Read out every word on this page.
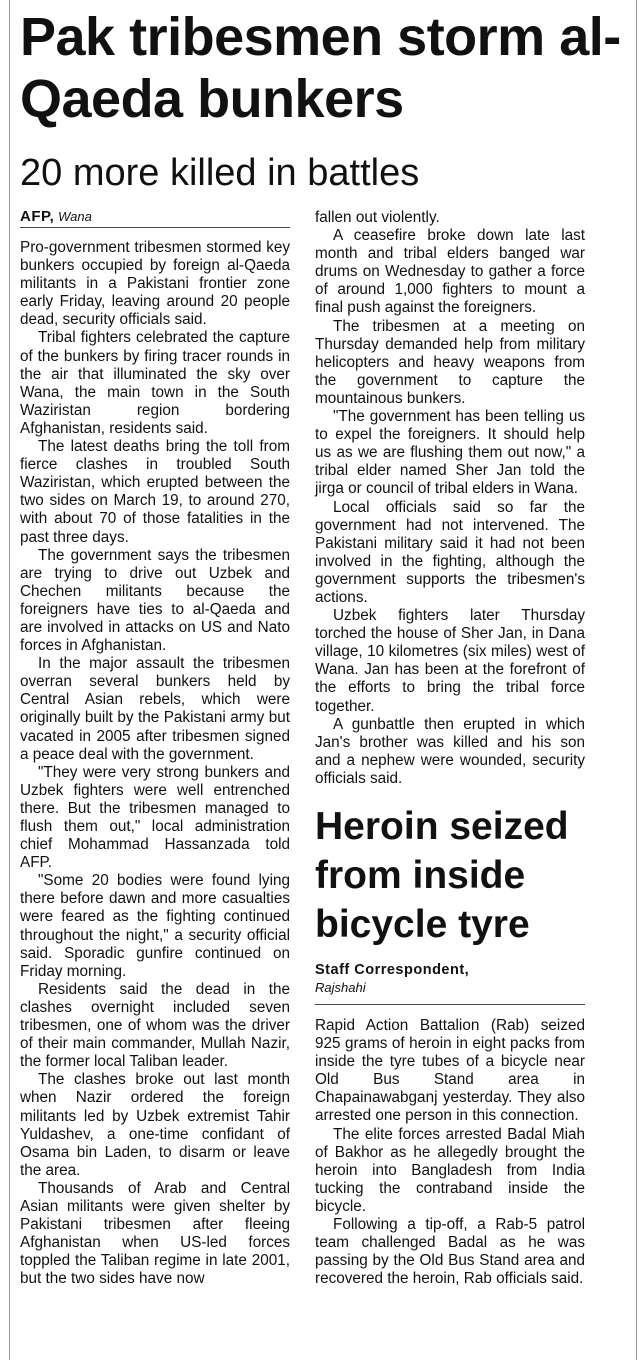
Pak tribesmen storm al-Qaeda bunkers
20 more killed in battles
AFP, Wana

Pro-government tribesmen stormed key bunkers occupied by foreign al-Qaeda militants in a Pakistani frontier zone early Friday, leaving around 20 people dead, security officials said.

Tribal fighters celebrated the capture of the bunkers by firing tracer rounds in the air that illuminated the sky over Wana, the main town in the South Waziristan region bordering Afghanistan, residents said.

The latest deaths bring the toll from fierce clashes in troubled South Waziristan, which erupted between the two sides on March 19, to around 270, with about 70 of those fatalities in the past three days.

The government says the tribesmen are trying to drive out Uzbek and Chechen militants because the foreigners have ties to al-Qaeda and are involved in attacks on US and Nato forces in Afghanistan.

In the major assault the tribesmen overran several bunkers held by Central Asian rebels, which were originally built by the Pakistani army but vacated in 2005 after tribesmen signed a peace deal with the government.

"They were very strong bunkers and Uzbek fighters were well entrenched there. But the tribesmen managed to flush them out," local administration chief Mohammad Hassanzada told AFP.

"Some 20 bodies were found lying there before dawn and more casualties were feared as the fighting continued throughout the night," a security official said. Sporadic gunfire continued on Friday morning.

Residents said the dead in the clashes overnight included seven tribesmen, one of whom was the driver of their main commander, Mullah Nazir, the former local Taliban leader.

The clashes broke out last month when Nazir ordered the foreign militants led by Uzbek extremist Tahir Yuldashev, a one-time confidant of Osama bin Laden, to disarm or leave the area.

Thousands of Arab and Central Asian militants were given shelter by Pakistani tribesmen after fleeing Afghanistan when US-led forces toppled the Taliban regime in late 2001, but the two sides have now

fallen out violently.

A ceasefire broke down late last month and tribal elders banged war drums on Wednesday to gather a force of around 1,000 fighters to mount a final push against the foreigners.

The tribesmen at a meeting on Thursday demanded help from military helicopters and heavy weapons from the government to capture the mountainous bunkers.

"The government has been telling us to expel the foreigners. It should help us as we are flushing them out now," a tribal elder named Sher Jan told the jirga or council of tribal elders in Wana.

Local officials said so far the government had not intervened. The Pakistani military said it had not been involved in the fighting, although the government supports the tribesmen's actions.

Uzbek fighters later Thursday torched the house of Sher Jan, in Dana village, 10 kilometres (six miles) west of Wana. Jan has been at the forefront of the efforts to bring the tribal force together.

A gunbattle then erupted in which Jan's brother was killed and his son and a nephew were wounded, security officials said.

Heroin seized from inside bicycle tyre
Staff Correspondent,
Rajshahi

Rapid Action Battalion (Rab) seized 925 grams of heroin in eight packs from inside the tyre tubes of a bicycle near Old Bus Stand area in Chapainawabganj yesterday. They also arrested one person in this connection.

The elite forces arrested Badal Miah of Bakhor as he allegedly brought the heroin into Bangladesh from India tucking the contraband inside the bicycle.

Following a tip-off, a Rab-5 patrol team challenged Badal as he was passing by the Old Bus Stand area and recovered the heroin, Rab officials said.
